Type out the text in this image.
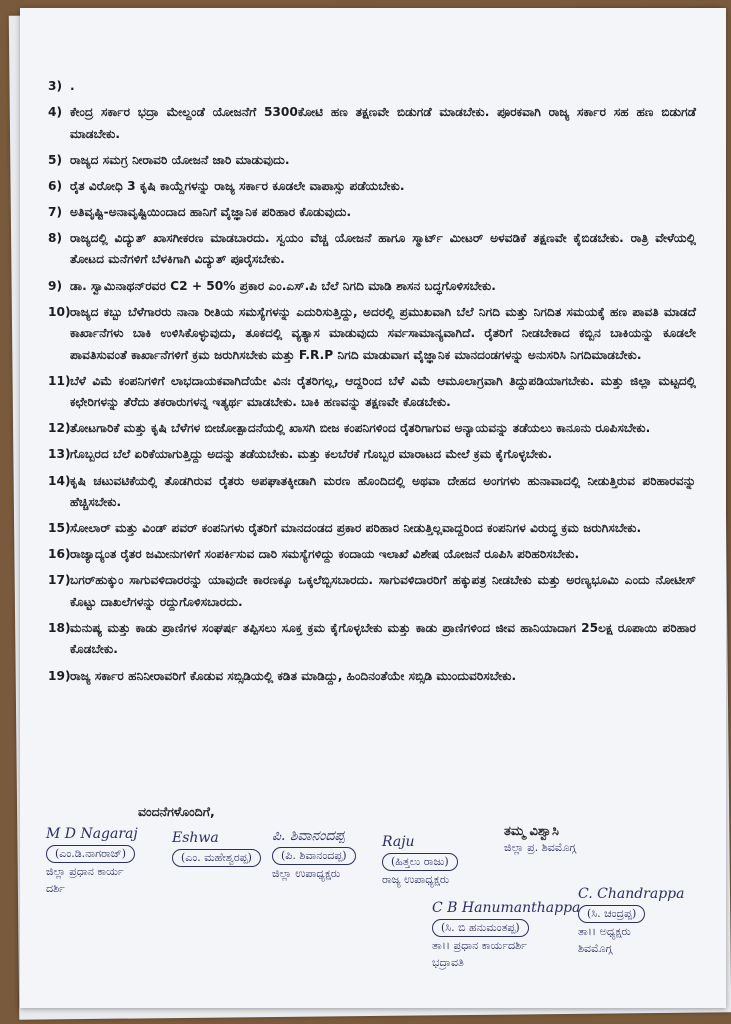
3) .
4) ಕೇಂದ್ರ ಸರ್ಕಾರ ಭದ್ರಾ ಮೇಲ್ದಂಡೆ ಯೋಜನೆಗೆ 5300ಕೋಟಿ ಹಣ ತಕ್ಷಣವೇ ಬಿಡುಗಡೆ ಮಾಡಬೇಕು. ಪೂರಕವಾಗಿ ರಾಜ್ಯ ಸರ್ಕಾರ ಸಹ ಹಣ ಬಿಡುಗಡೆ ಮಾಡಬೇಕು.
5) ರಾಜ್ಯದ ಸಮಗ್ರ ನೀರಾವರಿ ಯೋಜನೆ ಜಾರಿ ಮಾಡುವುದು.
6) ರೈತ ವಿರೋಧಿ 3 ಕೃಷಿ ಕಾಯ್ದೆಗಳನ್ನು ರಾಜ್ಯ ಸರ್ಕಾರ ಕೂಡಲೇ ವಾಪಾಸ್ಸು ಪಡೆಯಬೇಕು.
7) ಅತಿವೃಷ್ಟಿ-ಅನಾವೃಷ್ಟಿಯಿಂದಾದ ಹಾನಿಗೆ ವೈಜ್ಞಾನಿಕ ಪರಿಹಾರ ಕೊಡುವುದು.
8) ರಾಜ್ಯದಲ್ಲಿ ವಿದ್ಯುತ್ ಖಾಸಗೀಕರಣ ಮಾಡಬಾರದು. ಸ್ವಯಂ ವೆಚ್ಚ ಯೋಜನೆ ಹಾಗೂ ಸ್ಮಾರ್ಟ್ ಮೀಟರ್ ಅಳವಡಿಕೆ ತಕ್ಷಣವೇ ಕೈಬಿಡಬೇಕು. ರಾತ್ರಿ ವೇಳೆಯಲ್ಲಿ ತೋಟದ ಮನೆಗಳಿಗೆ ಬೆಳಕಿಗಾಗಿ ವಿದ್ಯುತ್ ಪೂರೈಸಬೇಕು.
9) ಡಾ. ಸ್ವಾಮಿನಾಥನ್‌ರವರ C2 + 50% ಪ್ರಕಾರ ಎಂ.ಎಸ್.ಪಿ ಬೆಲೆ ನಿಗದಿ ಮಾಡಿ ಶಾಸನ ಬದ್ಧಗೊಳಿಸಬೇಕು.
10) ರಾಜ್ಯದ ಕಬ್ಬು ಬೆಳೆಗಾರರು ನಾನಾ ರೀತಿಯ ಸಮಸ್ಯೆಗಳನ್ನು ಎದುರಿಸುತ್ತಿದ್ದು, ಅದರಲ್ಲಿ ಪ್ರಮುಖವಾಗಿ ಬೆಲೆ ನಿಗದಿ ಮತ್ತು ನಿಗದಿತ ಸಮಯಕ್ಕೆ ಹಣ ಪಾವತಿ ಮಾಡದೆ ಕಾರ್ಖಾನೆಗಳು ಬಾಕಿ ಉಳಿಸಿಕೊಳ್ಳುವುದು, ತೂಕದಲ್ಲಿ ವ್ಯತ್ಯಾಸ ಮಾಡುವುದು ಸರ್ವಸಾಮಾನ್ಯವಾಗಿದೆ. ರೈತರಿಗೆ ನೀಡಬೇಕಾದ ಕಬ್ಬಿನ ಬಾಕಿಯನ್ನು ಕೂಡಲೇ ಪಾವತಿಸುವಂತೆ ಕಾರ್ಖಾನೆಗಳಿಗೆ ಕ್ರಮ ಜರುಗಿಸಬೇಕು ಮತ್ತು F.R.P ನಿಗದಿ ಮಾಡುವಾಗ ವೈಜ್ಞಾನಿಕ ಮಾನದಂಡಗಳನ್ನು ಅನುಸರಿಸಿ ನಿಗದಿಮಾಡಬೇಕು.
11) ಬೆಳೆ ವಿಮೆ ಕಂಪನಿಗಳಿಗೆ ಲಾಭದಾಯಕವಾಗಿದೆಯೇ ವಿನಃ ರೈತರಿಗಲ್ಲ, ಆದ್ದರಿಂದ ಬೆಳೆ ವಿಮೆ ಆಮೂಲಾಗ್ರವಾಗಿ ತಿದ್ದುಪಡಿಯಾಗಬೇಕು. ಮತ್ತು ಜಿಲ್ಲಾ ಮಟ್ಟದಲ್ಲಿ ಕಛೇರಿಗಳನ್ನು ತೆರೆದು ತಕರಾರುಗಳನ್ನ ಇತ್ಯರ್ಥ ಮಾಡಬೇಕು. ಬಾಕಿ ಹಣವನ್ನು ತಕ್ಷಣವೇ ಕೊಡಬೇಕು.
12) ತೋಟಗಾರಿಕೆ ಮತ್ತು ಕೃಷಿ ಬೆಳೆಗಳ ಬೀಜೋತ್ಪಾದನೆಯಲ್ಲಿ ಖಾಸಗಿ ಬೀಜ ಕಂಪನಿಗಳಿಂದ ರೈತರಿಗಾಗುವ ಅನ್ಯಾಯವನ್ನು ತಡೆಯಲು ಕಾನೂನು ರೂಪಿಸಬೇಕು.
13) ಗೊಬ್ಬರದ ಬೆಲೆ ಏರಿಕೆಯಾಗುತ್ತಿದ್ದು ಅದನ್ನು ತಡೆಯಬೇಕು. ಮತ್ತು ಕಲಬೆರಕೆ ಗೊಬ್ಬರ ಮಾರಾಟದ ಮೇಲೆ ಕ್ರಮ ಕೈಗೊಳ್ಳಬೇಕು.
14) ಕೃಷಿ ಚಟುವಟಿಕೆಯಲ್ಲಿ ತೊಡಗಿರುವ ರೈತರು ಅಪಘಾತಕ್ಕೀಡಾಗಿ ಮರಣ ಹೊಂದಿದಲ್ಲಿ ಅಥವಾ ದೇಹದ ಅಂಗಗಳು ಹುನಾವಾದಲ್ಲಿ ನೀಡುತ್ತಿರುವ ಪರಿಹಾರವನ್ನು ಹೆಚ್ಚಿಸಬೇಕು.
15) ಸೋಲಾರ್ ಮತ್ತು ವಿಂಡ್ ಪವರ್ ಕಂಪನಿಗಳು ರೈತರಿಗೆ ಮಾನದಂಡದ ಪ್ರಕಾರ ಪರಿಹಾರ ನೀಡುತ್ತಿಲ್ಲವಾದ್ದರಿಂದ ಕಂಪನಿಗಳ ವಿರುದ್ಧ ಕ್ರಮ ಜರುಗಿಸಬೇಕು.
16) ರಾಜ್ಯಾದ್ಯಂತ ರೈತರ ಜಮೀನುಗಳಿಗೆ ಸಂಪರ್ಕಿಸುವ ದಾರಿ ಸಮಸ್ಯೆಗಳಿದ್ದು ಕಂದಾಯ ಇಲಾಖೆ ವಿಶೇಷ ಯೋಜನೆ ರೂಪಿಸಿ ಪರಿಹರಿಸಬೇಕು.
17) ಬಗರ್‌ಹುಕ್ಕುಂ ಸಾಗುವಳಿದಾರರನ್ನು ಯಾವುದೇ ಕಾರಣಕ್ಕೂ ಒಕ್ಕಲೆಬ್ಬಿಸಬಾರದು. ಸಾಗುವಳಿದಾರರಿಗೆ ಹಕ್ಕುಪತ್ರ ನೀಡಬೇಕು ಮತ್ತು ಅರಣ್ಯಭೂಮಿ ಎಂದು ನೋಟೀಸ್ ಕೊಟ್ಟು ದಾಖಲೆಗಳನ್ನು ರದ್ದುಗೊಳಿಸಬಾರದು.
18) ಮನುಷ್ಯ ಮತ್ತು ಕಾಡು ಪ್ರಾಣಿಗಳ ಸಂಘರ್ಷ ತಪ್ಪಿಸಲು ಸೂಕ್ತ ಕ್ರಮ ಕೈಗೊಳ್ಳಬೇಕು ಮತ್ತು ಕಾಡು ಪ್ರಾಣಿಗಳಿಂದ ಜೀವ ಹಾನಿಯಾದಾಗ 25ಲಕ್ಷ ರೂಪಾಯಿ ಪರಿಹಾರ ಕೊಡಬೇಕು.
19) ರಾಜ್ಯ ಸರ್ಕಾರ ಹನಿನೀರಾವರಿಗೆ ಕೊಡುವ ಸಬ್ಸಿಡಿಯಲ್ಲಿ ಕಡಿತ ಮಾಡಿದ್ದು, ಹಿಂದಿನಂತೆಯೇ ಸಬ್ಸಿಡಿ ಮುಂದುವರಿಸಬೇಕು.
ವಂದನೆಗಳೊಂದಿಗೆ,
M D Nagaraj
(ಎಂ.ಡಿ.ನಾಗರಾಜ್)
ಜಿಲ್ಲಾ ಪ್ರಧಾನ ಕಾರ್ಯ
ದರ್ಶಿ
Eshwa
(ಎಂ. ಮಹೇಶ್ವರಪ್ಪ)
ಪಿ. ಶಿವಾನಂದಪ್ಪ
(ಪಿ. ಶಿವಾನಂದಪ್ಪ)
ಜಿಲ್ಲಾ ಉಪಾಧ್ಯಕ್ಷರು
Raju
(ಹಿತ್ತಲು ರಾಜು)
ರಾಜ್ಯ ಉಪಾಧ್ಯಕ್ಷರು
ತಮ್ಮ ವಿಶ್ವಾಸಿ
ಜಿಲ್ಲಾ ಪ್ರ. ಶಿವಮೊಗ್ಗ
C B Hanumanthappa
(ಸಿ. ಬಿ ಹನುಮಂತಪ್ಪ)
ತಾ।। ಪ್ರಧಾನ ಕಾರ್ಯದರ್ಶಿ
ಭದ್ರಾವತಿ
C. Chandrappa
(ಸಿ. ಚಂದ್ರಪ್ಪ)
ತಾ।। ಅಧ್ಯಕ್ಷರು
ಶಿವಮೊಗ್ಗ
